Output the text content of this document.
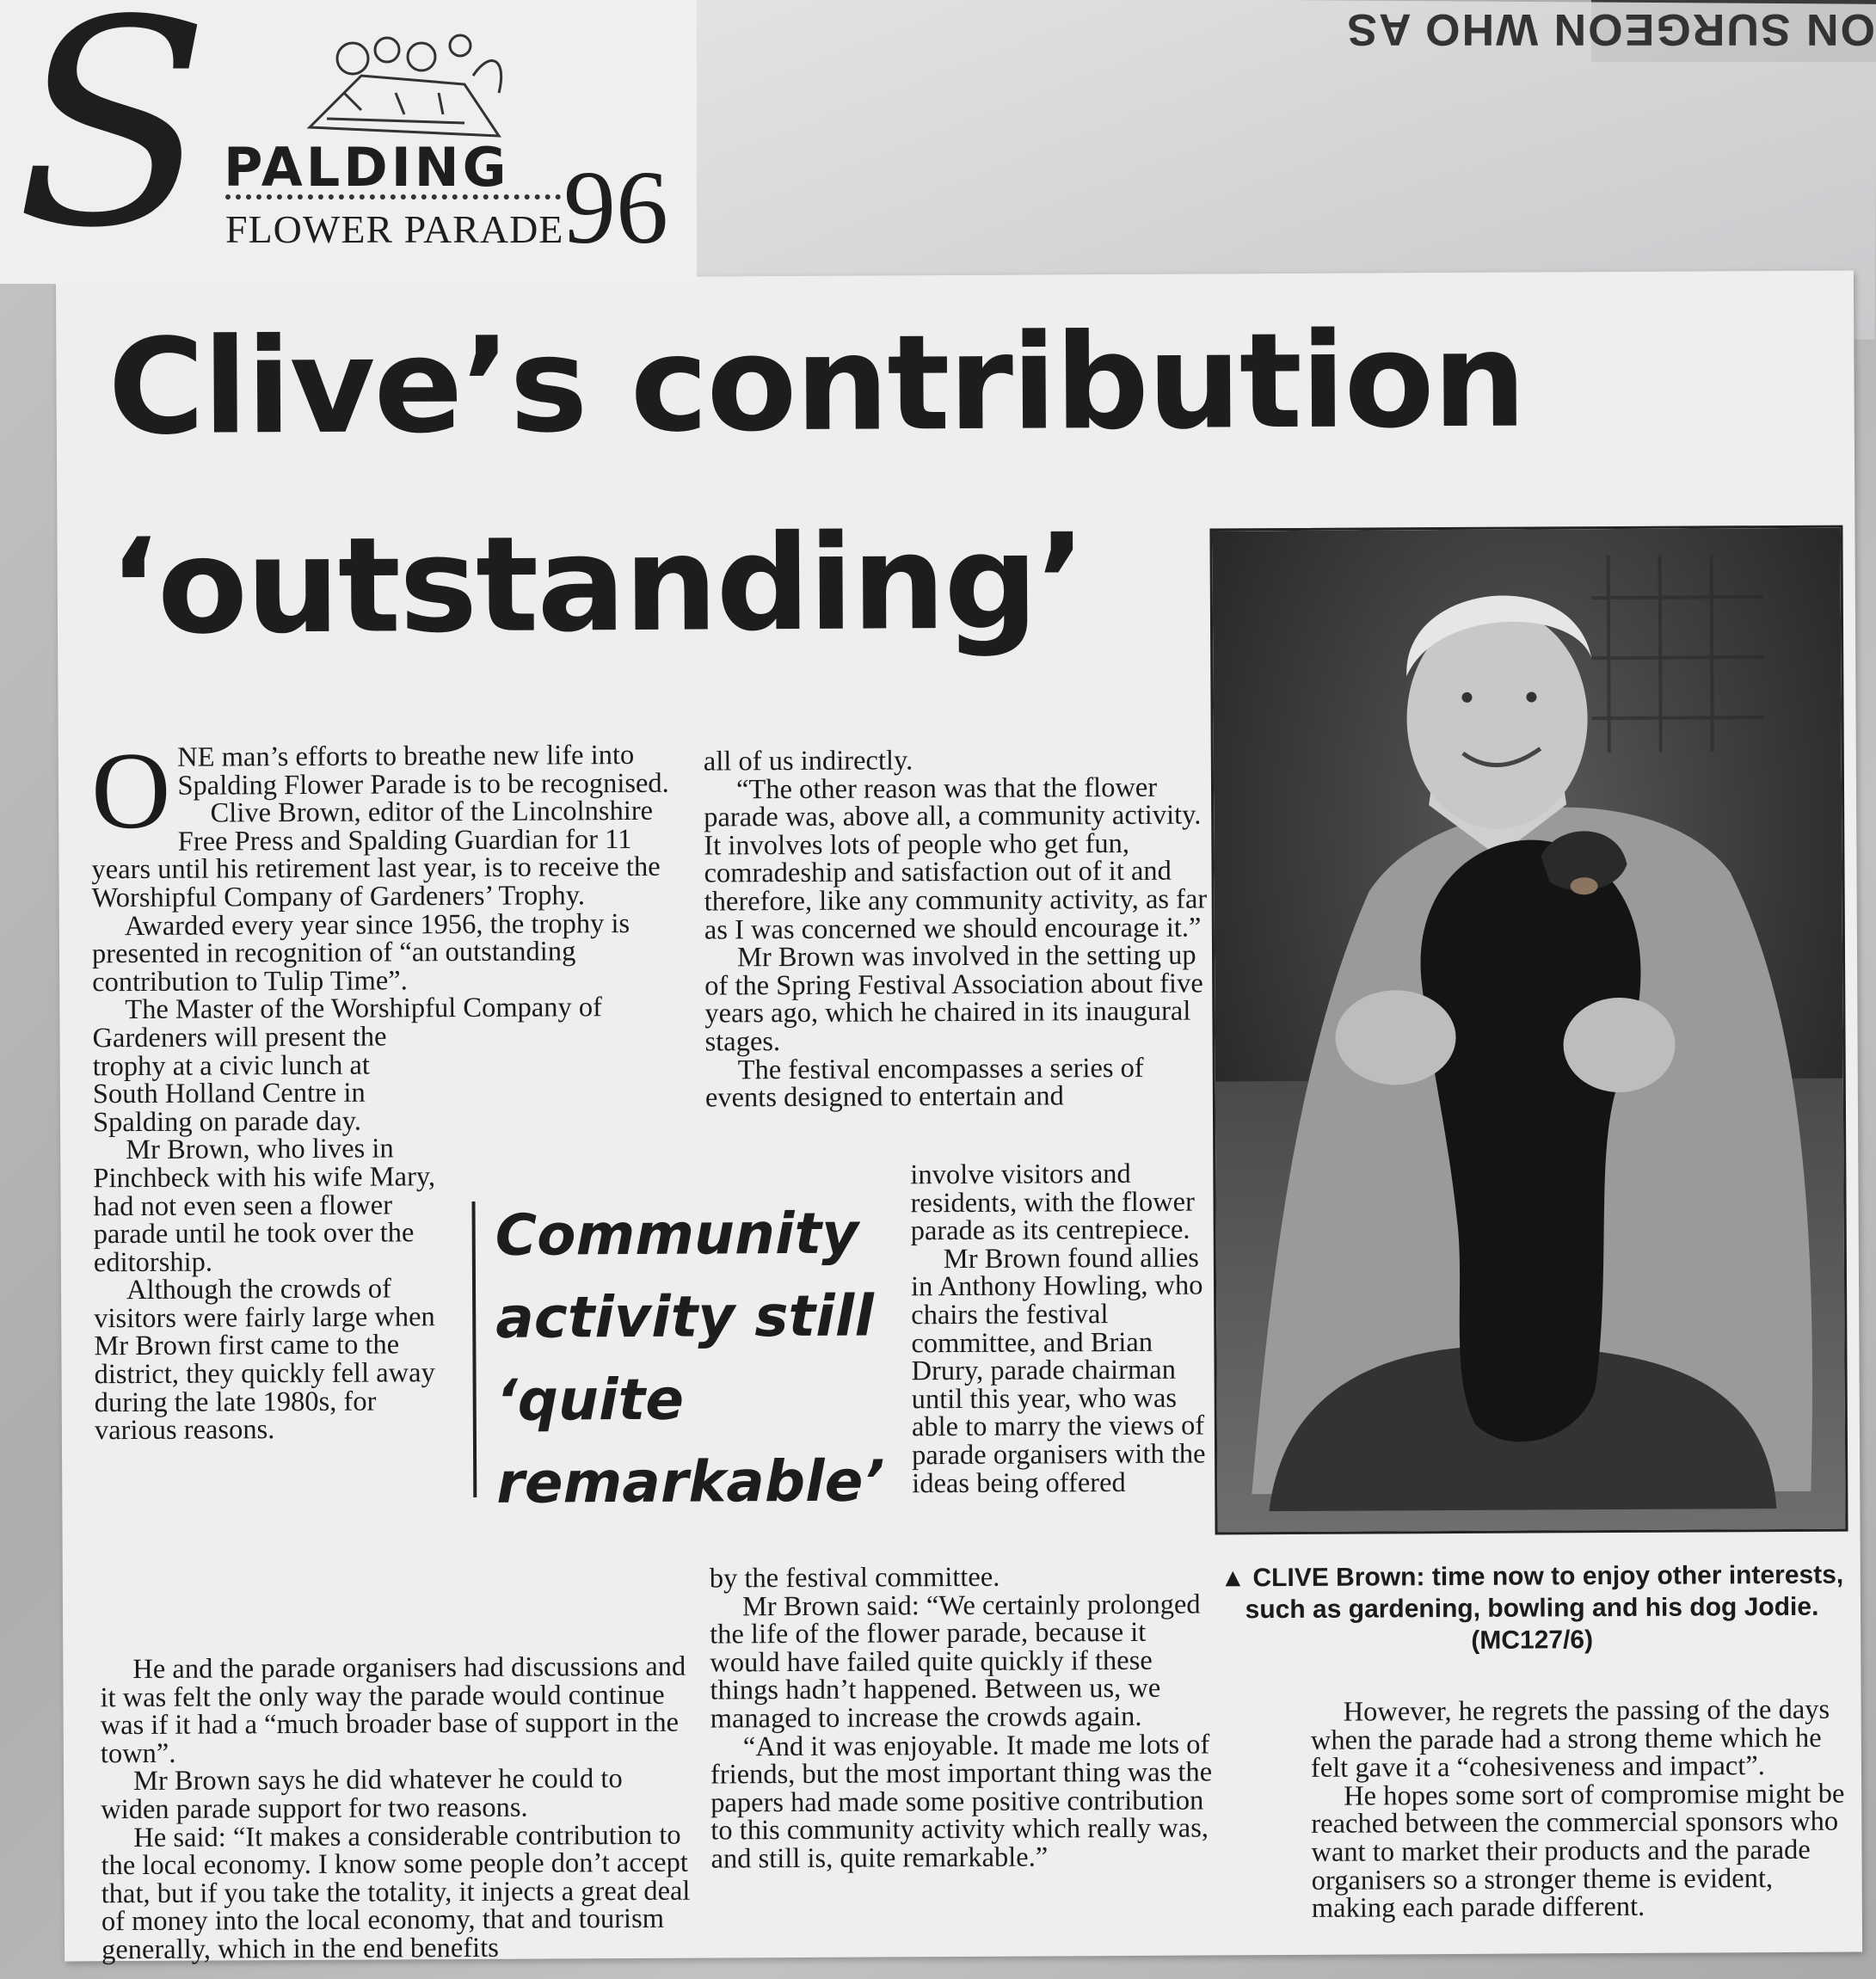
ON SURGEON WHO AS
Clive’s contribution ‘outstanding’
O NE man’s efforts to breathe new life into Spalding Flower Parade is to be recognised.

Clive Brown, editor of the Lincolnshire Free Press and Spalding Guardian for 11 years until his retirement last year, is to receive the Worshipful Company of Gardeners’ Trophy.

Awarded every year since 1956, the trophy is presented in recognition of “an outstanding contribution to Tulip Time”.

The Master of the Worshipful Company of Gardeners will present the

trophy at a civic lunch at South Holland Centre in Spalding on parade day.

Mr Brown, who lives in Pinchbeck with his wife Mary, had not even seen a flower parade until he took over the editorship.

Although the crowds of visitors were fairly large when Mr Brown first came to the district, they quickly fell away during the late 1980s, for various reasons.

He and the parade organisers had discussions and it was felt the only way the parade would continue was if it had a “much broader base of support in the town”.

Mr Brown says he did whatever he could to widen parade support for two reasons.

He said: “It makes a considerable contribution to the local economy. I know some people don’t accept that, but if you take the totality, it injects a great deal of money into the local economy, that and tourism generally, which in the end benefits

all of us indirectly.

“The other reason was that the flower parade was, above all, a community activity. It involves lots of people who get fun, comradeship and satisfaction out of it and therefore, like any community activity, as far as I was concerned we should encourage it.”

Mr Brown was involved in the setting up of the Spring Festival Association about five years ago, which he chaired in its inaugural stages.

The festival encompasses a series of events designed to entertain and

involve visitors and residents, with the flower parade as its centrepiece.

Mr Brown found allies in Anthony Howling, who chairs the festival committee, and Brian Drury, parade chairman until this year, who was able to marry the views of parade organisers with the ideas being offered

by the festival committee.

Mr Brown said: “We certainly prolonged the life of the flower parade, because it would have failed quite quickly if these things hadn’t happened. Between us, we managed to increase the crowds again.

“And it was enjoyable. It made me lots of friends, but the most important thing was the papers had made some positive contribution to this community activity which really was, and still is, quite remarkable.”

However, he regrets the passing of the days when the parade had a strong theme which he felt gave it a “cohesiveness and impact”.

He hopes some sort of compromise might be reached between the commercial sponsors who want to market their products and the parade organisers so a stronger theme is evident, making each parade different.

Community activity still ‘quite remarkable’

▲ CLIVE Brown: time now to enjoy other interests, such as gardening, bowling and his dog Jodie. (MC127/6)

S PALDING
FLOWER PARADE 96
